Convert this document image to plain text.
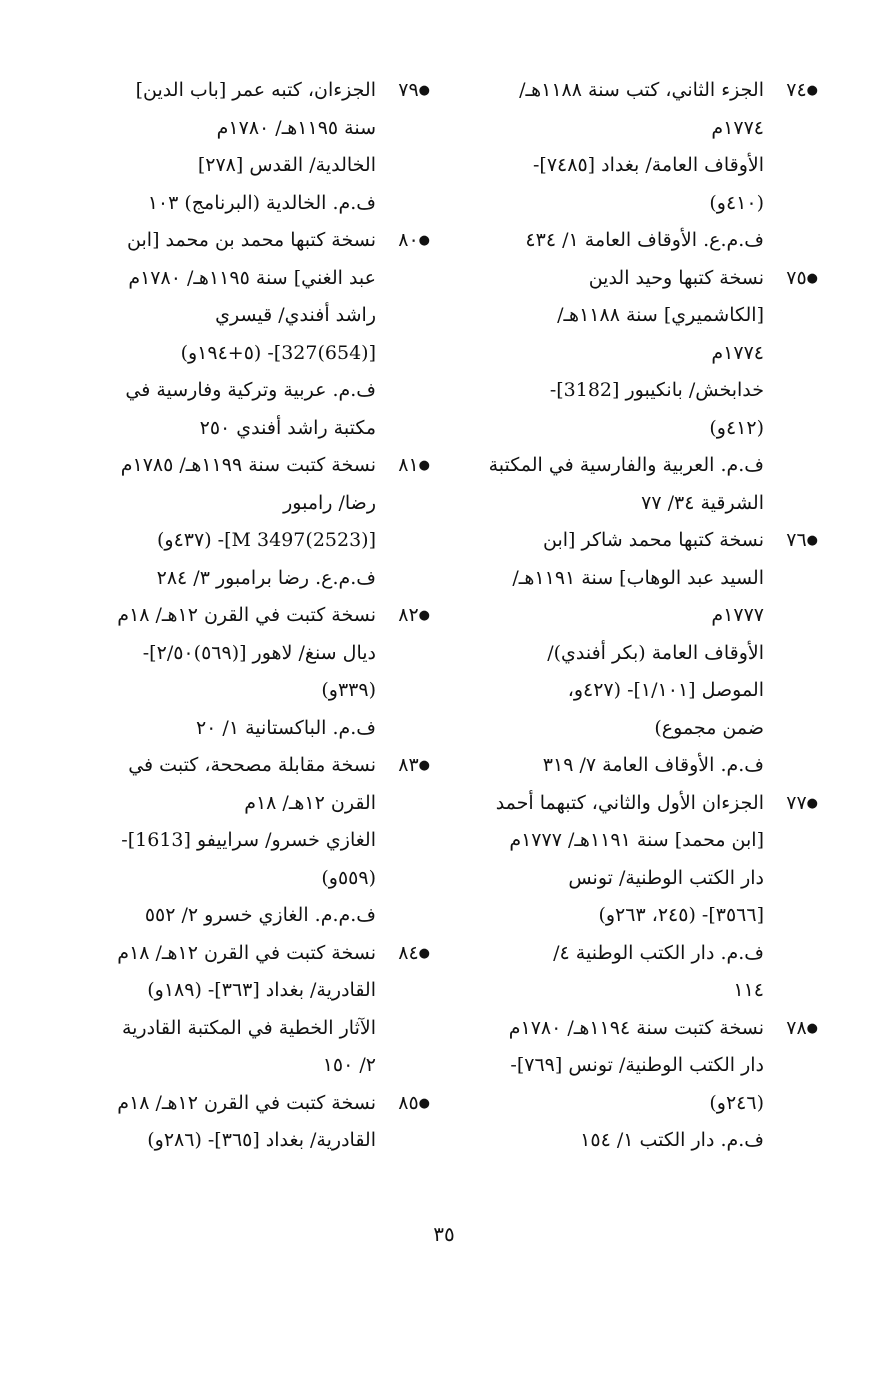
●٧٤
الجزء الثاني، كتب سنة ١١٨٨هـ/
١٧٧٤م
الأوقاف العامة/ بغداد [٧٤٨٥]-
(٤١٠و)
ف.م.ع. الأوقاف العامة ١/ ٤٣٤
●٧٥
نسخة كتبها وحيد الدين
[الكاشميري] سنة ١١٨٨هـ/
١٧٧٤م
خدابخش/ بانكيبور [3182]-
(٤١٢و)
ف.م. العربية والفارسية في المكتبة
الشرقية ٣٤/ ٧٧
●٧٦
نسخة كتبها محمد شاكر [ابن
السيد عبد الوهاب] سنة ١١٩١هـ/
١٧٧٧م
الأوقاف العامة (بكر أفندي)/
الموصل [١/١٠١]- (٤٢٧و،
ضمن مجموع)
ف.م. الأوقاف العامة ٧/ ٣١٩
●٧٧
الجزءان الأول والثاني، كتبهما أحمد
[ابن محمد] سنة ١١٩١هـ/ ١٧٧٧م
دار الكتب الوطنية/ تونس
[٣٥٦٦]- (٢٤٥، ٢٦٣و)
ف.م. دار الكتب الوطنية ٤/
١١٤
●٧٨
نسخة كتبت سنة ١١٩٤هـ/ ١٧٨٠م
دار الكتب الوطنية/ تونس [٧٦٩]-
(٢٤٦و)
ف.م. دار الكتب ١/ ١٥٤
●٧٩
الجزءان، كتبه عمر [باب الدين]
سنة ١١٩٥هـ/ ١٧٨٠م
الخالدية/ القدس [٢٧٨]
ف.م. الخالدية (البرنامج) ١٠٣
●٨٠
نسخة كتبها محمد بن محمد [ابن
عبد الغني] سنة ١١٩٥هـ/ ١٧٨٠م
راشد أفندي/ قيسري
[(654)327]- (٥+١٩٤و)
ف.م. عربية وتركية وفارسية في
مكتبة راشد أفندي ٢٥٠
●٨١
نسخة كتبت سنة ١١٩٩هـ/ ١٧٨٥م
رضا/ رامبور
[(2523)3497 M]- (٤٣٧و)
ف.م.ع. رضا برامبور ٣/ ٢٨٤
●٨٢
نسخة كتبت في القرن ١٢هـ/ ١٨م
ديال سنغ/ لاهور [(٥٦٩)٢/٥٠]-
(٣٣٩و)
ف.م. الباكستانية ١/ ٢٠
●٨٣
نسخة مقابلة مصححة، كتبت في
القرن ١٢هـ/ ١٨م
الغازي خسرو/ سراييفو [1613]-
(٥٥٩و)
ف.م.م. الغازي خسرو ٢/ ٥٥٢
●٨٤
نسخة كتبت في القرن ١٢هـ/ ١٨م
القادرية/ بغداد [٣٦٣]- (١٨٩و)
الآثار الخطية في المكتبة القادرية
٢/ ١٥٠
●٨٥
نسخة كتبت في القرن ١٢هـ/ ١٨م
القادرية/ بغداد [٣٦٥]- (٢٨٦و)
٣٥
